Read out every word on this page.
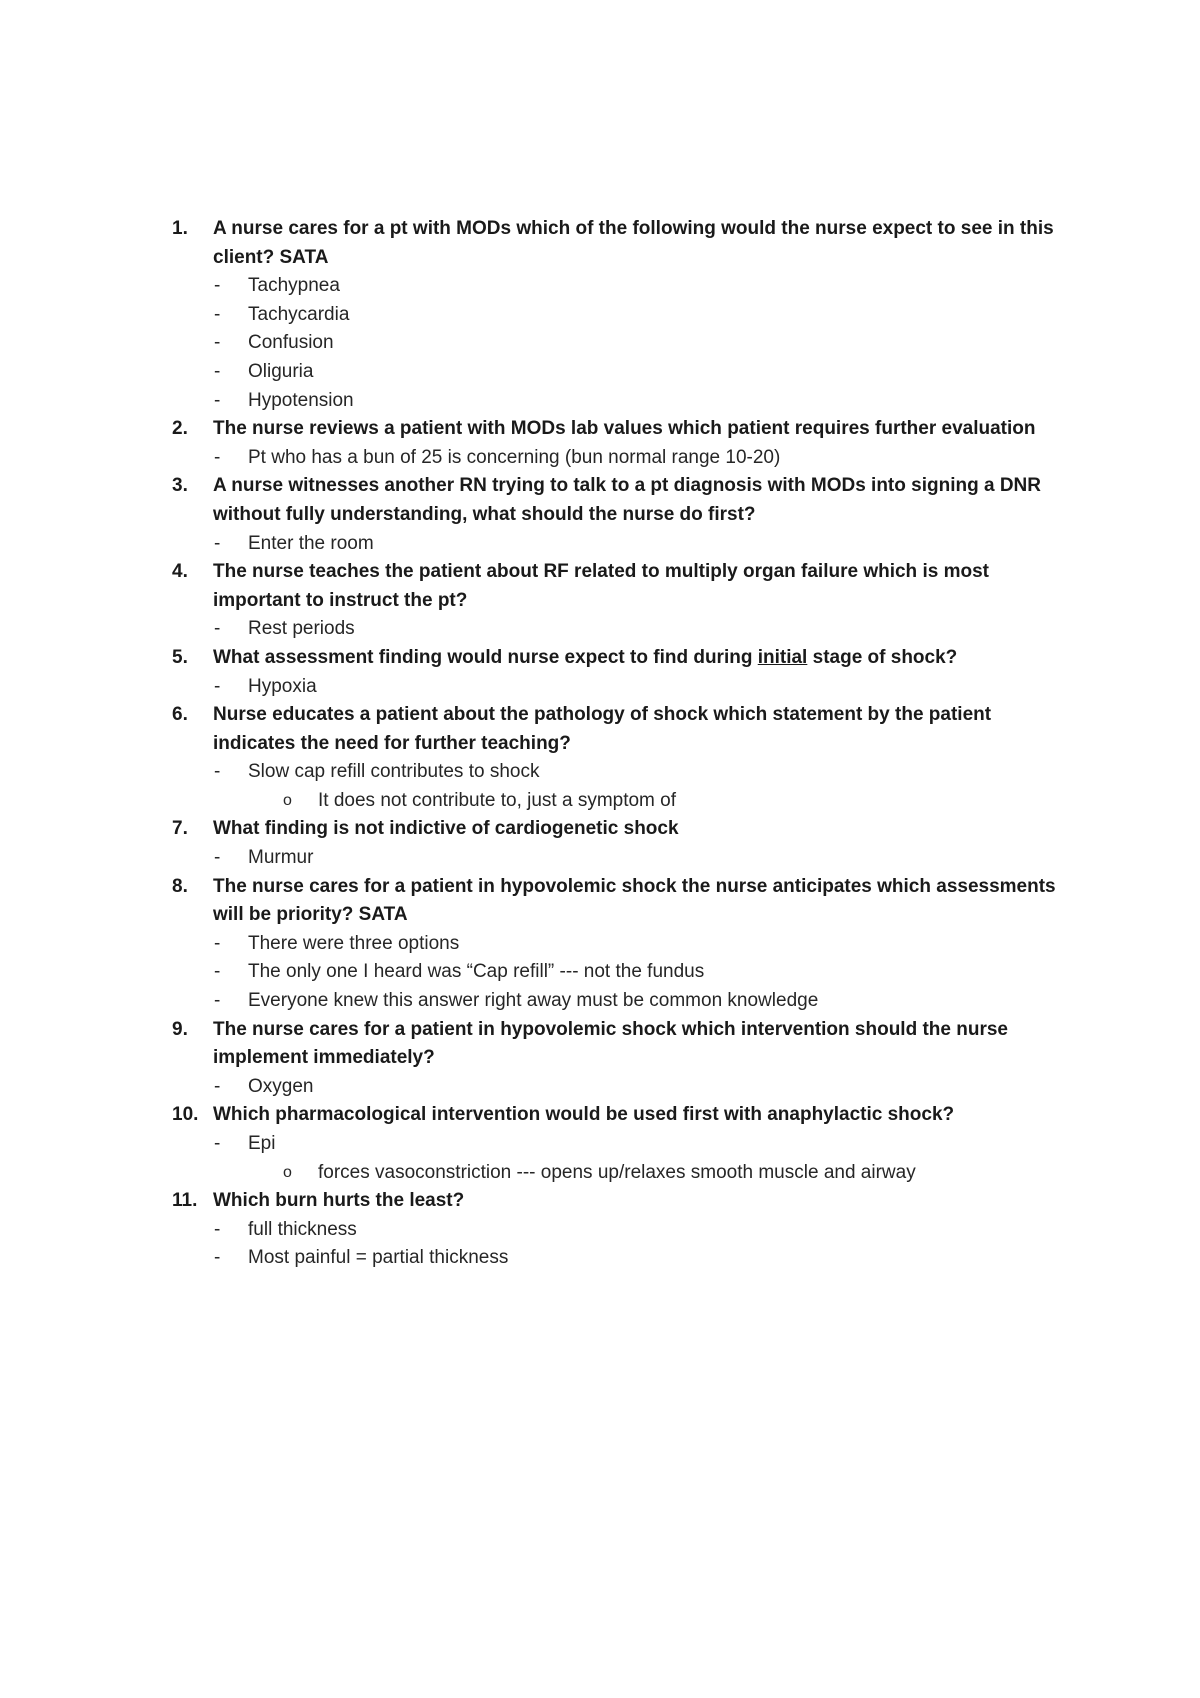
1.	A nurse cares for a pt with MODs which of the following would the nurse expect to see in this client? SATA
-	Tachypnea
-	Tachycardia
-	Confusion
-	Oliguria
-	Hypotension
2.	The nurse reviews a patient with MODs lab values which patient requires further evaluation
-	Pt who has a bun of 25 is concerning (bun normal range 10-20)
3.	A nurse witnesses another RN trying to talk to a pt diagnosis with MODs into signing a DNR without fully understanding, what should the nurse do first?
-	Enter the room
4.	The nurse teaches the patient about RF related to multiply organ failure which is most important to instruct the pt?
-	Rest periods
5.	What assessment finding would nurse expect to find during initial stage of shock?
-	Hypoxia
6.	Nurse educates a patient about the pathology of shock which statement by the patient indicates the need for further teaching?
-	Slow cap refill contributes to shock
o It does not contribute to, just a symptom of
7.	What finding is not indictive of cardiogenetic shock
-	Murmur
8.	The nurse cares for a patient in hypovolemic shock the nurse anticipates which assessments will be priority? SATA
-	There were three options
-	The only one I heard was “Cap refill” --- not the fundus
-	Everyone knew this answer right away must be common knowledge
9.	The nurse cares for a patient in hypovolemic shock which intervention should the nurse implement immediately?
-	Oxygen
10. Which pharmacological intervention would be used first with anaphylactic shock?
-	Epi
o forces vasoconstriction --- opens up/relaxes smooth muscle and airway
11. Which burn hurts the least?
-	full thickness
-	Most painful = partial thickness
